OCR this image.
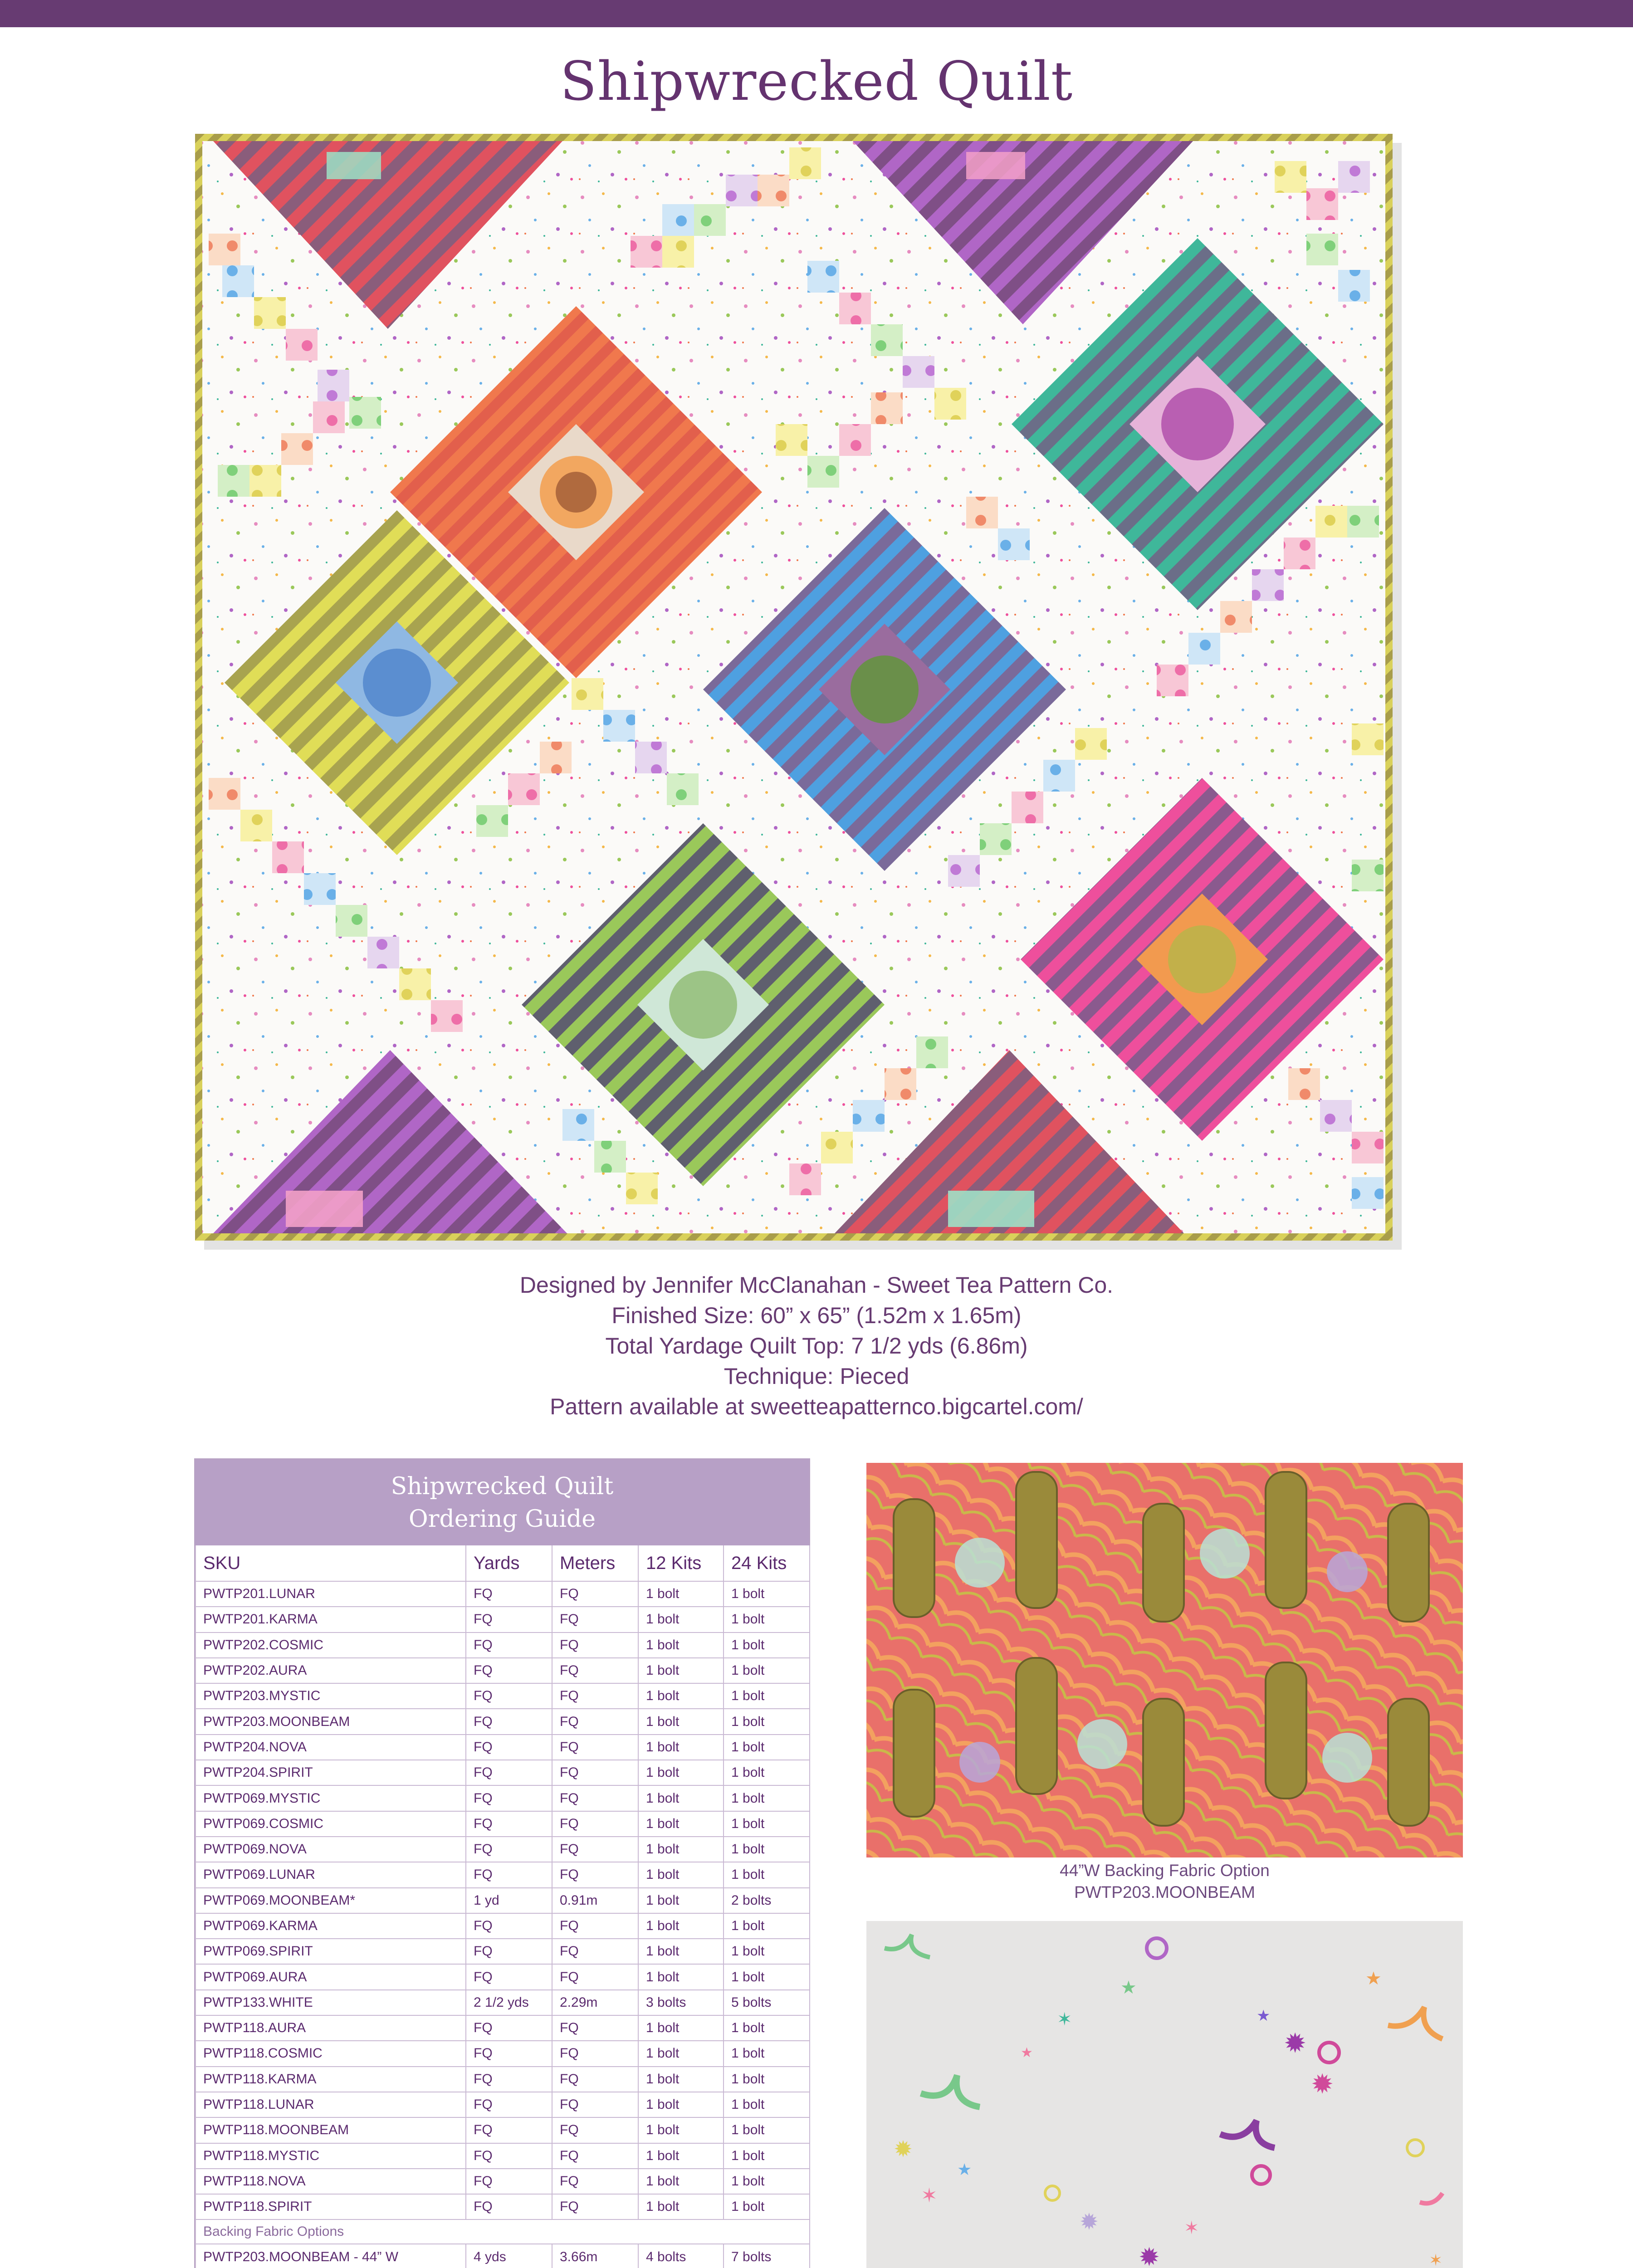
Shipwrecked Quilt
Designed by Jennifer McClanahan - Sweet Tea Pattern Co.
Finished Size: 60” x 65” (1.52m x 1.65m)
Total Yardage Quilt Top: 7 1/2 yds (6.86m)
Technique: Pieced
Pattern available at sweetteapatternco.bigcartel.com/
Shipwrecked Quilt
Ordering Guide
SKU	Yards	Meters	12 Kits	24 Kits
PWTP201.LUNAR	FQ	FQ	1 bolt	1 bolt
PWTP201.KARMA	FQ	FQ	1 bolt	1 bolt
PWTP202.COSMIC	FQ	FQ	1 bolt	1 bolt
PWTP202.AURA	FQ	FQ	1 bolt	1 bolt
PWTP203.MYSTIC	FQ	FQ	1 bolt	1 bolt
PWTP203.MOONBEAM	FQ	FQ	1 bolt	1 bolt
PWTP204.NOVA	FQ	FQ	1 bolt	1 bolt
PWTP204.SPIRIT	FQ	FQ	1 bolt	1 bolt
PWTP069.MYSTIC	FQ	FQ	1 bolt	1 bolt
PWTP069.COSMIC	FQ	FQ	1 bolt	1 bolt
PWTP069.NOVA	FQ	FQ	1 bolt	1 bolt
PWTP069.LUNAR	FQ	FQ	1 bolt	1 bolt
PWTP069.MOONBEAM*	1 yd	0.91m	1 bolt	2 bolts
PWTP069.KARMA	FQ	FQ	1 bolt	1 bolt
PWTP069.SPIRIT	FQ	FQ	1 bolt	1 bolt
PWTP069.AURA	FQ	FQ	1 bolt	1 bolt
PWTP133.WHITE	2 1/2 yds	2.29m	3 bolts	5 bolts
PWTP118.AURA	FQ	FQ	1 bolt	1 bolt
PWTP118.COSMIC	FQ	FQ	1 bolt	1 bolt
PWTP118.KARMA	FQ	FQ	1 bolt	1 bolt
PWTP118.LUNAR	FQ	FQ	1 bolt	1 bolt
PWTP118.MOONBEAM	FQ	FQ	1 bolt	1 bolt
PWTP118.MYSTIC	FQ	FQ	1 bolt	1 bolt
PWTP118.NOVA	FQ	FQ	1 bolt	1 bolt
PWTP118.SPIRIT	FQ	FQ	1 bolt	1 bolt
Backing Fabric Options				
PWTP203.MOONBEAM - 44” W	4 yds	3.66m	4 bolts	7 bolts

44”W Backing Fabric Option
PWTP203.MOONBEAM
✶
✹
✹
★
★
✹
✶
★
✹
✹
✶
✶
★
★
